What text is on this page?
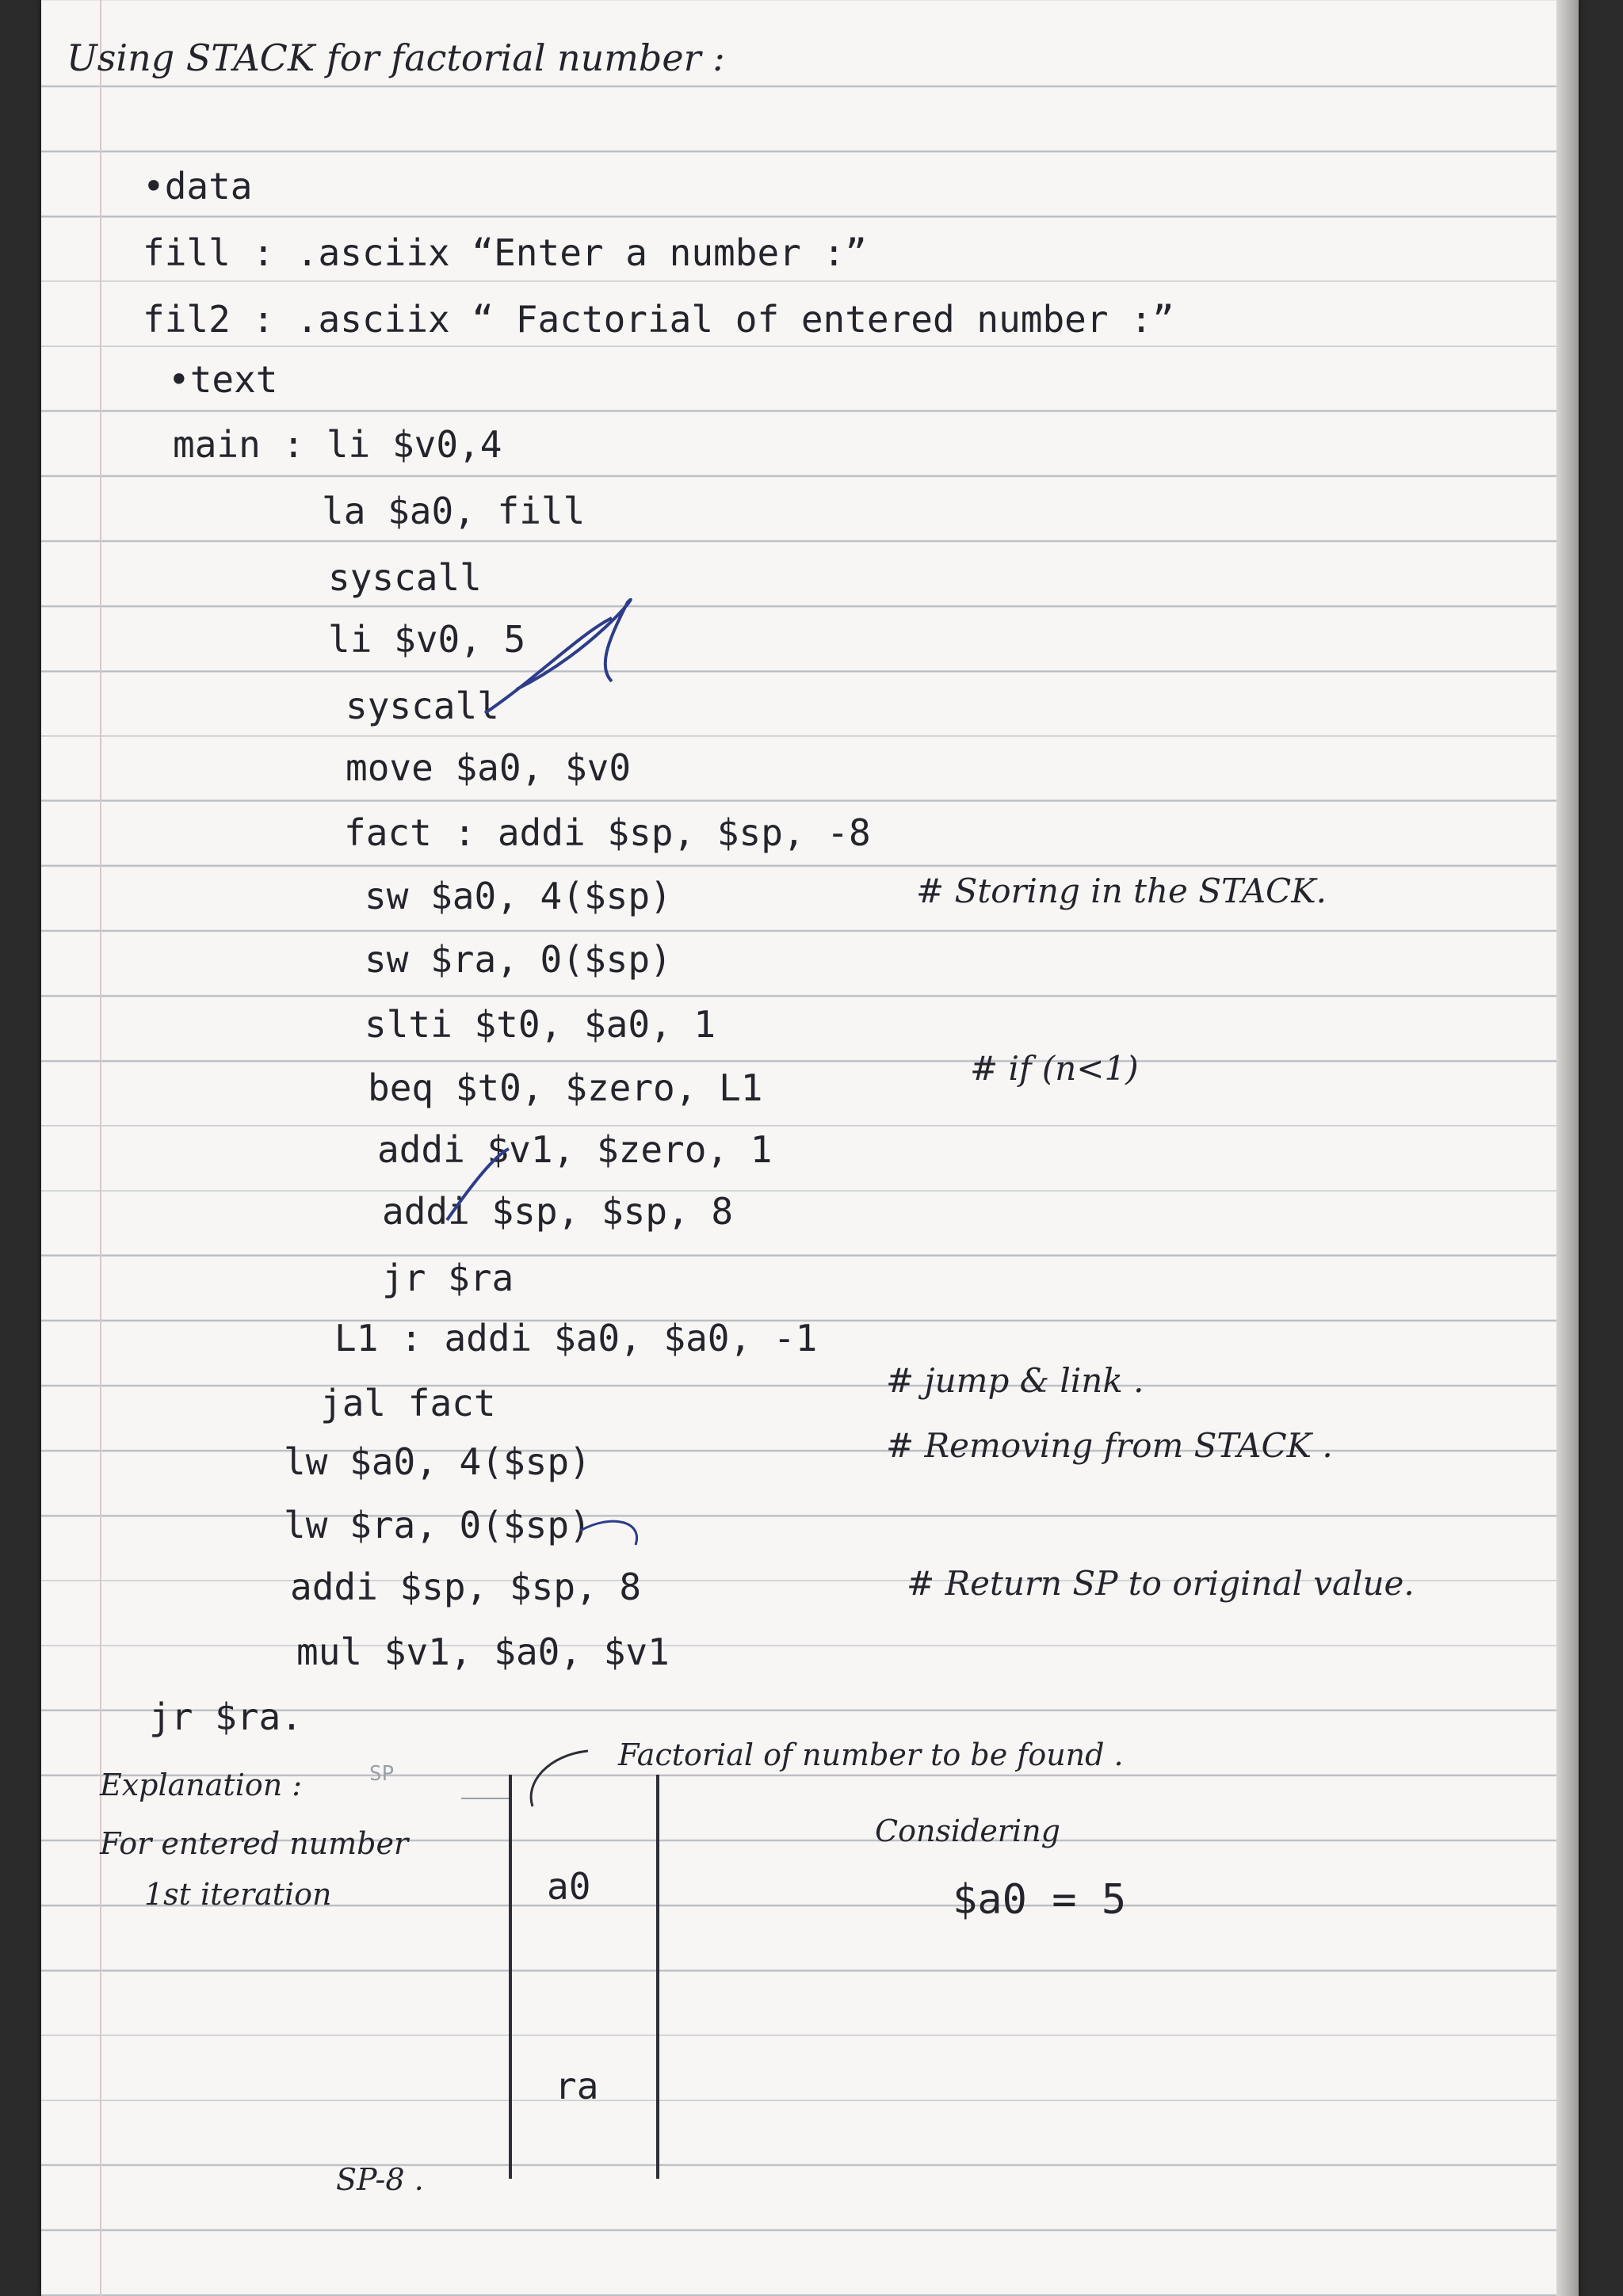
Using STACK for factorial number :
•data
fill : .asciix “Enter a number :”
fil2 : .asciix “ Factorial of entered number :”
•text
main : li $v0,4
la $a0, fill
syscall
li $v0, 5
syscall
move $a0, $v0
fact : addi $sp, $sp, -8
sw $a0, 4($sp)
sw $ra, 0($sp)
slti $t0, $a0, 1
beq $t0, $zero, L1
addi $v1, $zero, 1
addi $sp, $sp, 8
jr $ra
L1 : addi $a0, $a0, -1
jal fact
lw $a0, 4($sp)
lw $ra, 0($sp)
addi $sp, $sp, 8
mul $v1, $a0, $v1
jr $ra.
# Storing in the STACK.
# if (n<1)
# jump & link .
# Removing from STACK .
# Return SP to original value.
Explanation :	SP
Factorial of number to be found .
For entered number
1st iteration
Considering
$a0 = 5
a0
ra
SP-8 .
